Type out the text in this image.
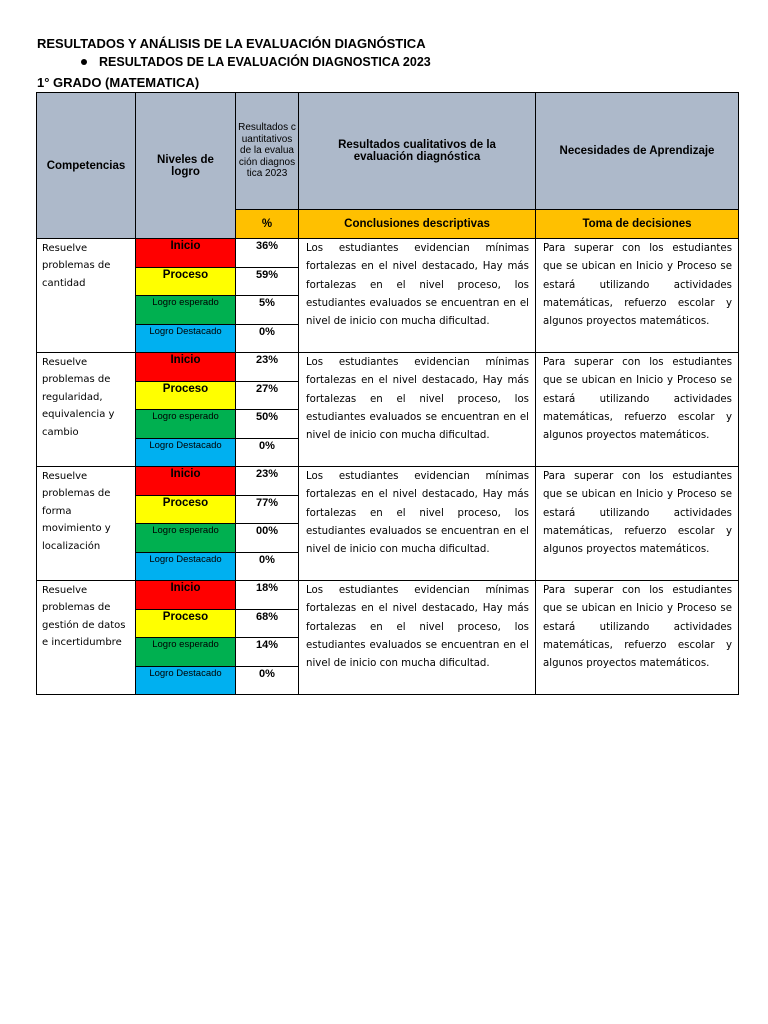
RESULTADOS Y ANÁLISIS DE LA EVALUACIÓN DIAGNÓSTICA
RESULTADOS DE LA EVALUACIÓN DIAGNOSTICA 2023
1° GRADO (MATEMATICA)
Competencias	Niveles de logro	Resultados cuantitativos de la evaluación diagnostica 2023	Resultados cualitativos de la evaluación diagnóstica	Necesidades de Aprendizaje
		%	Conclusiones descriptivas	Toma de decisiones
Resuelve problemas de cantidad	Inicio	36%	Los estudiantes evidencian mínimas fortalezas en el nivel destacado, Hay más fortalezas en el nivel proceso, los estudiantes evaluados se encuentran en el nivel de inicio con mucha dificultad.	Para superar con los estudiantes que se ubican en Inicio y Proceso se estará utilizando actividades matemáticas, refuerzo escolar y algunos proyectos matemáticos.
	Proceso	59%		
	Logro esperado	5%		
	Logro Destacado	0%		
Resuelve problemas de regularidad, equivalencia y cambio	Inicio	23%	Los estudiantes evidencian mínimas fortalezas en el nivel destacado, Hay más fortalezas en el nivel proceso, los estudiantes evaluados se encuentran en el nivel de inicio con mucha dificultad.	Para superar con los estudiantes que se ubican en Inicio y Proceso se estará utilizando actividades matemáticas, refuerzo escolar y algunos proyectos matemáticos.
	Proceso	27%		
	Logro esperado	50%		
	Logro Destacado	0%		
Resuelve problemas de forma movimiento y localización	Inicio	23%	Los estudiantes evidencian mínimas fortalezas en el nivel destacado, Hay más fortalezas en el nivel proceso, los estudiantes evaluados se encuentran en el nivel de inicio con mucha dificultad.	Para superar con los estudiantes que se ubican en Inicio y Proceso se estará utilizando actividades matemáticas, refuerzo escolar y algunos proyectos matemáticos.
	Proceso	77%		
	Logro esperado	00%		
	Logro Destacado	0%		
Resuelve problemas de gestión de datos e incertidumbre	Inicio	18%	Los estudiantes evidencian mínimas fortalezas en el nivel destacado, Hay más fortalezas en el nivel proceso, los estudiantes evaluados se encuentran en el nivel de inicio con mucha dificultad.	Para superar con los estudiantes que se ubican en Inicio y Proceso se estará utilizando actividades matemáticas, refuerzo escolar y algunos proyectos matemáticos.
	Proceso	68%		
	Logro esperado	14%		
	Logro Destacado	0%		
